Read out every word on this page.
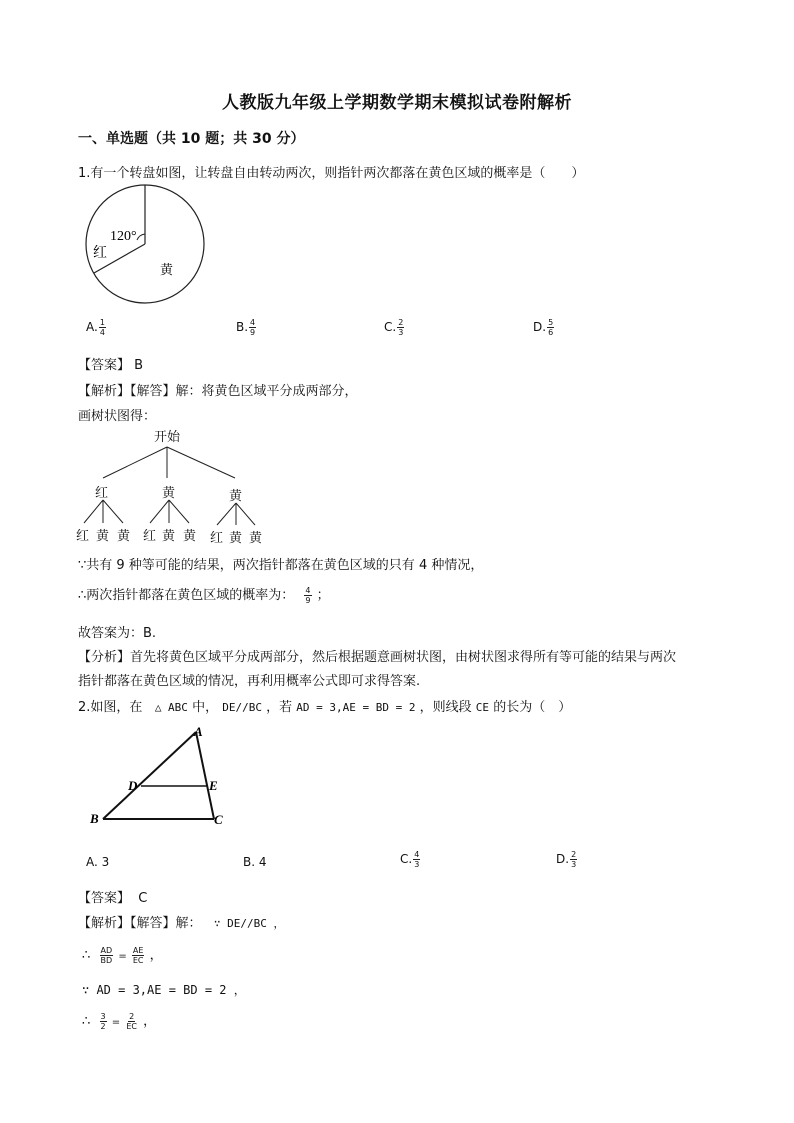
人教版九年级上学期数学期末模拟试卷附解析
一、单选题（共 10 题；共 30 分）
1.有一个转盘如图，让转盘自由转动两次，则指针两次都落在黄色区域的概率是（　　）
120°
红
黄
A. $\frac{1}{4}$	B. $\frac{4}{9}$	C. $\frac{2}{3}$	D. $\frac{5}{6}$
【答案】 B
【解析】【解答】解：将黄色区域平分成两部分，
画树状图得：
开始
红	黄	黄
红 黄 黄 红 黄 黄 红 黄 黄
∵共有 9 种等可能的结果，两次指针都落在黄色区域的只有 4 种情况，
∴两次指针都落在黄色区域的概率为： $\frac{4}{9}$ ；
故答案为：B.
【分析】首先将黄色区域平分成两部分，然后根据题意画树状图，由树状图求得所有等可能的结果与两次
指针都落在黄色区域的情况，再利用概率公式即可求得答案.
2.如图，在 △ ABC 中， DE//BC ，若 AD = 3,AE = BD = 2 ，则线段 CE 的长为（　）
A
D	E
B	C
A. 3	B. 4	C. $\frac{4}{3}$	D. $\frac{2}{3}$
【答案】 C
【解析】【解答】解： ∵ DE//BC ，
∴ $\frac{AD}{BD} = \frac{AE}{EC}$ ，
∵ AD = 3,AE = BD = 2 ，
∴ $\frac{3}{2} = \frac{2}{EC}$ ，
